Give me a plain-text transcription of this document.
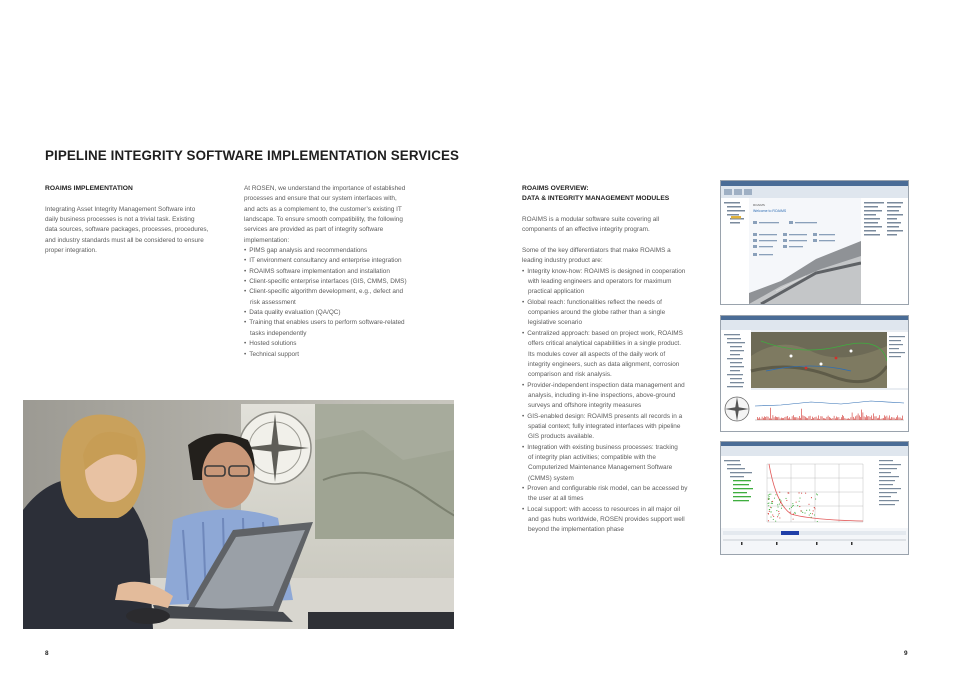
PIPELINE INTEGRITY SOFTWARE IMPLEMENTATION SERVICES

ROAIMS IMPLEMENTATION

Integrating Asset Integrity Management Software into

daily business processes is not a trivial task. Existing

data sources, software packages, processes, procedures,

and industry standards must all be considered to ensure

proper integration.

At ROSEN, we understand the importance of established

processes and ensure that our system interfaces with,

and acts as a complement to, the customer’s existing IT

landscape. To ensure smooth compatibility, the following

services are provided as part of integrity software

implementation:

• PIMS gap analysis and recommendations
• IT environment consultancy and enterprise integration
• ROAIMS software implementation and installation
• Client-specific enterprise interfaces (GIS, CMMS, DMS)
• Client-specific algorithm development, e.g., defect and
risk assessment
• Data quality evaluation (QA/QC)
• Training that enables users to perform software-related
tasks independently
• Hosted solutions
• Technical support

ROAIMS OVERVIEW:

DATA & INTEGRITY MANAGEMENT MODULES

ROAIMS is a modular software suite covering all

components of an effective integrity program.

Some of the key differentiators that make ROAIMS a

leading industry product are:

• Integrity know-how: ROAIMS is designed in cooperation
with leading engineers and operators for maximum
practical application
• Global reach: functionalities reflect the needs of
companies around the globe rather than a single
legislative scenario
• Centralized approach: based on project work, ROAIMS
offers critical analytical capabilities in a single product.
Its modules cover all aspects of the daily work of
integrity engineers, such as data alignment, corrosion
comparison and risk analysis.
• Provider-independent inspection data management and
analysis, including in-line inspections, above-ground
surveys and offshore integrity measures
• GIS-enabled design: ROAIMS presents all records in a
spatial context; fully integrated interfaces with pipeline
GIS products available.
• Integration with existing business processes: tracking
of integrity plan activities; compatible with the
Computerized Maintenance Management Software
(CMMS) system
• Proven and configurable risk model, can be accessed by
the user at all times
• Local support: with access to resources in all major oil
and gas hubs worldwide, ROSEN provides support well
beyond the implementation phase
ROAIMS
Welcome to ROAIMS
8	9
